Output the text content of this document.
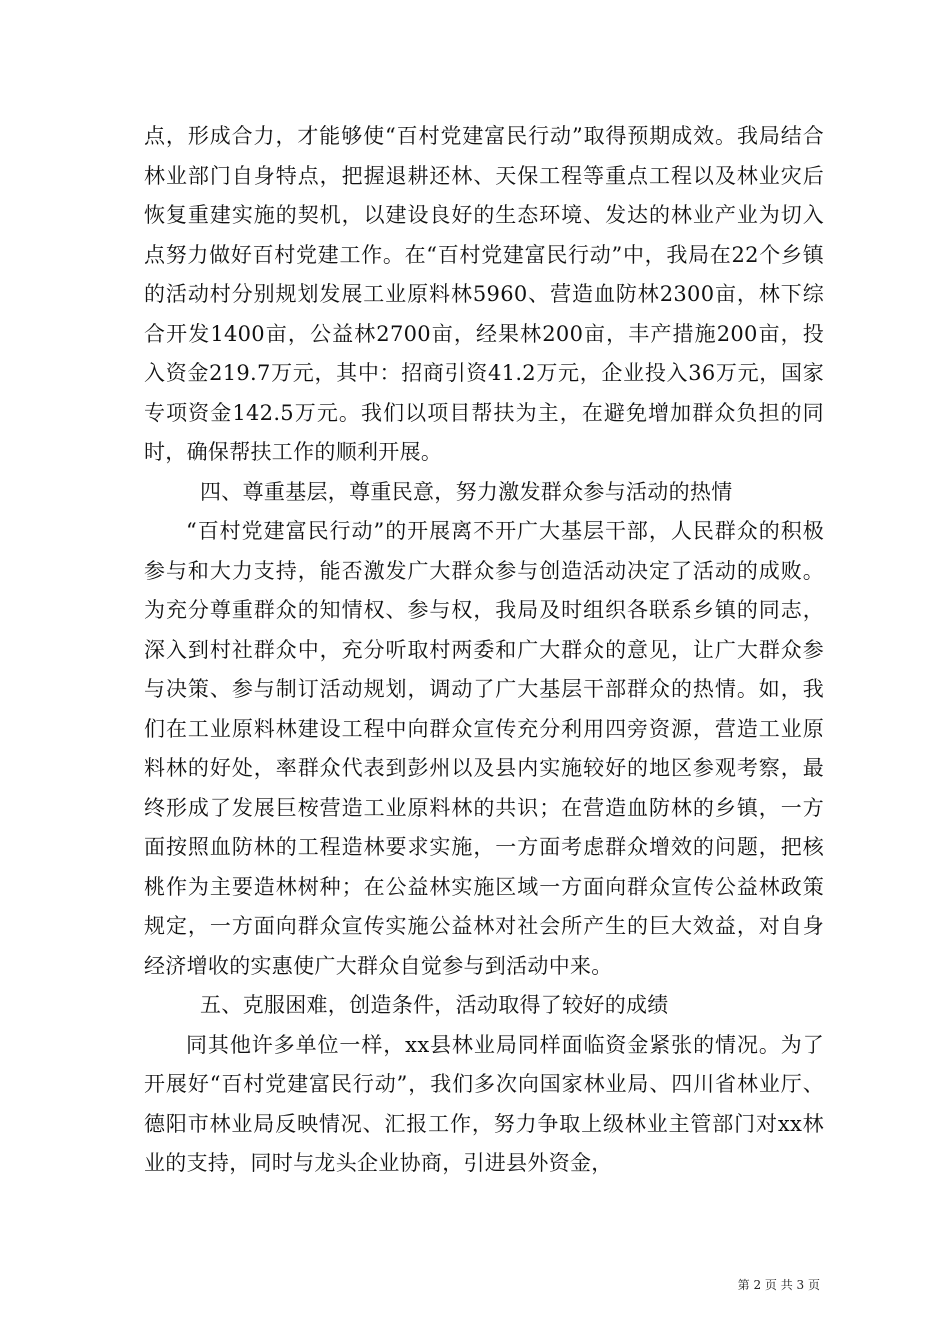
点，形成合力，才能够使“百村党建富民行动”取得预期成效。我局结合林业部门自身特点，把握退耕还林、天保工程等重点工程以及林业灾后恢复重建实施的契机，以建设良好的生态环境、发达的林业产业为切入点努力做好百村党建工作。在“百村党建富民行动”中，我局在22个乡镇的活动村分别规划发展工业原料林5960、营造血防林2300亩，林下综合开发1400亩，公益林2700亩，经果林200亩，丰产措施200亩，投入资金219.7万元，其中：招商引资41.2万元，企业投入36万元，国家专项资金142.5万元。我们以项目帮扶为主，在避免增加群众负担的同时，确保帮扶工作的顺利开展。

四、尊重基层，尊重民意，努力激发群众参与活动的热情

“百村党建富民行动”的开展离不开广大基层干部，人民群众的积极参与和大力支持，能否激发广大群众参与创造活动决定了活动的成败。为充分尊重群众的知情权、参与权，我局及时组织各联系乡镇的同志，深入到村社群众中，充分听取村两委和广大群众的意见，让广大群众参与决策、参与制订活动规划，调动了广大基层干部群众的热情。如，我们在工业原料林建设工程中向群众宣传充分利用四旁资源，营造工业原料林的好处，率群众代表到彭州以及县内实施较好的地区参观考察，最终形成了发展巨桉营造工业原料林的共识；在营造血防林的乡镇，一方面按照血防林的工程造林要求实施，一方面考虑群众增效的问题，把核桃作为主要造林树种；在公益林实施区域一方面向群众宣传公益林政策规定，一方面向群众宣传实施公益林对社会所产生的巨大效益，对自身经济增收的实惠使广大群众自觉参与到活动中来。

五、克服困难，创造条件，活动取得了较好的成绩

同其他许多单位一样，xx县林业局同样面临资金紧张的情况。为了开展好“百村党建富民行动”，我们多次向国家林业局、四川省林业厅、德阳市林业局反映情况、汇报工作，努力争取上级林业主管部门对xx林业的支持，同时与龙头企业协商，引进县外资金，

第 2 页 共 3 页
